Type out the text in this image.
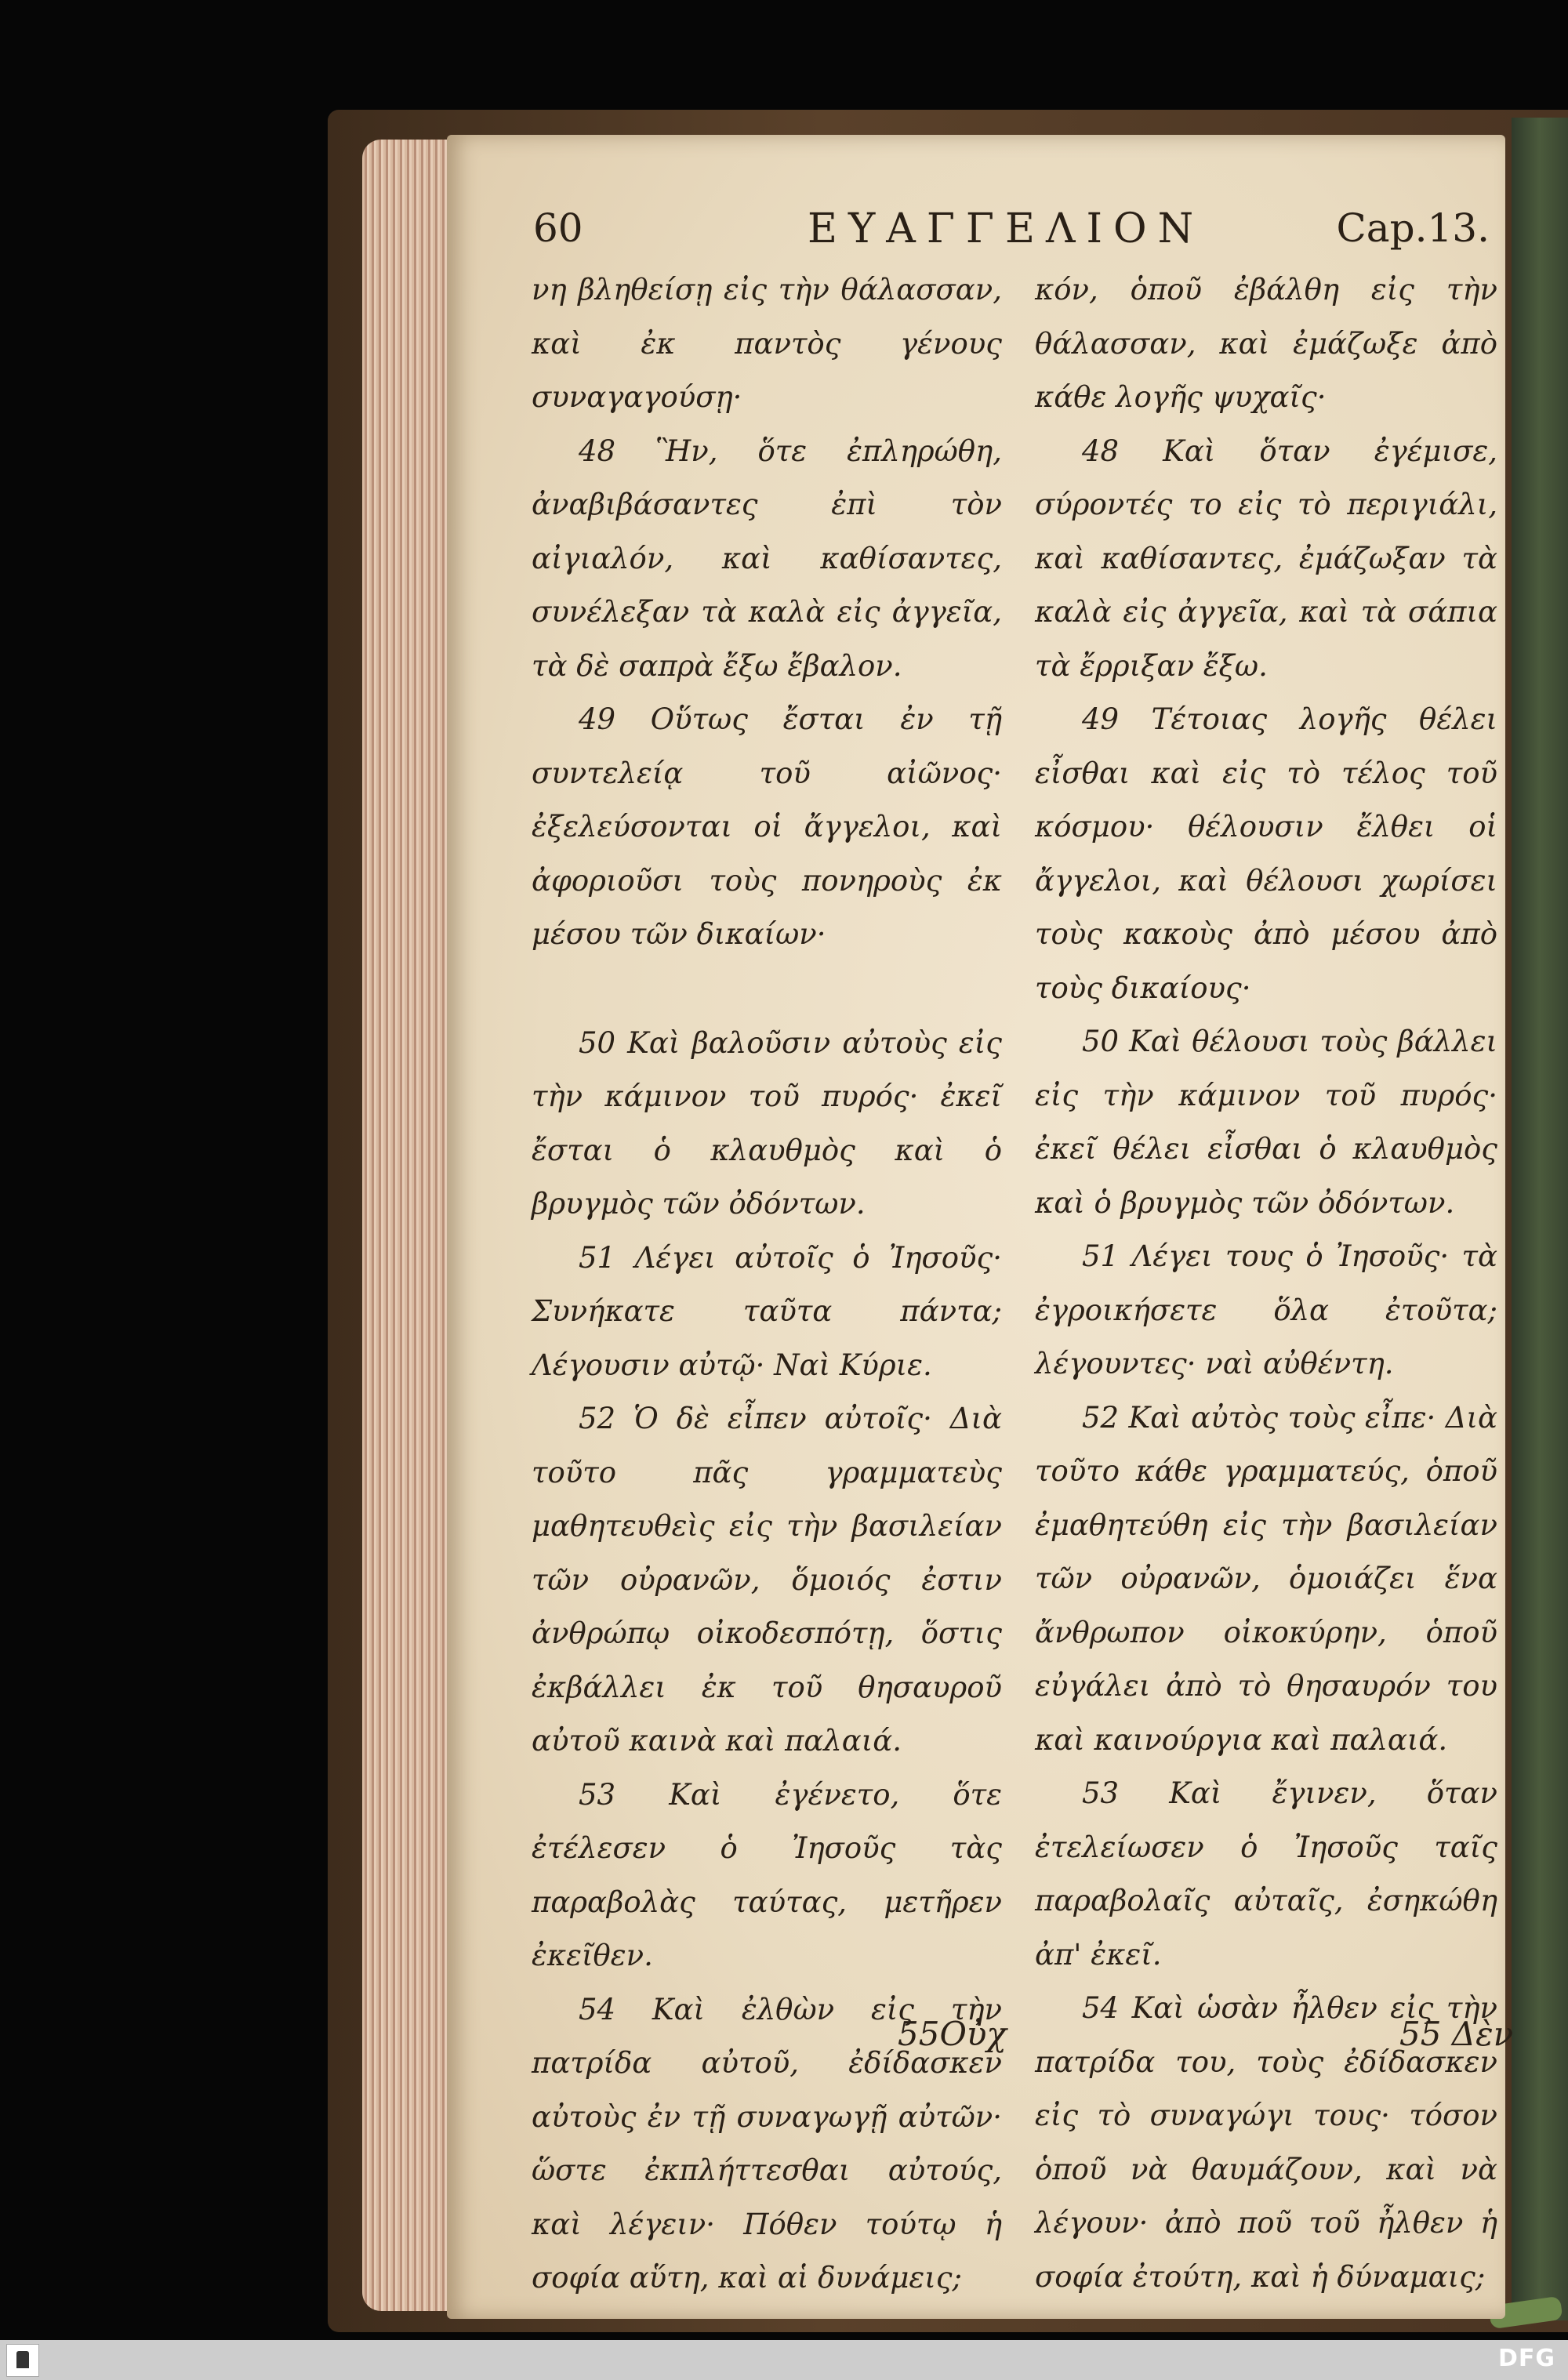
60	ΕΥΑΓΓΕΛΙΟΝ	Cap.13.

νη βληθείσῃ εἰς τὴν θάλασσαν, καὶ ἐκ παντὸς γένους συναγαγούσῃ·

48 Ἣν, ὅτε ἐπληρώθη, ἀναβιβάσαντες ἐπὶ τὸν αἰγιαλόν, καὶ καθίσαντες, συνέλεξαν τὰ καλὰ εἰς ἀγγεῖα, τὰ δὲ σαπρὰ ἔξω ἔβαλον.

49 Οὕτως ἔσται ἐν τῇ συντελείᾳ τοῦ αἰῶνος· ἐξελεύσονται οἱ ἄγγελοι, καὶ ἀφοριοῦσι τοὺς πονηροὺς ἐκ μέσου τῶν δικαίων·

50 Καὶ βαλοῦσιν αὐτοὺς εἰς τὴν κάμινον τοῦ πυρός· ἐκεῖ ἔσται ὁ κλαυθμὸς καὶ ὁ βρυγμὸς τῶν ὀδόντων.

51 Λέγει αὐτοῖς ὁ Ἰησοῦς· Συνήκατε ταῦτα πάντα; Λέγουσιν αὐτῷ· Ναὶ Κύριε.

52 Ὁ δὲ εἶπεν αὐτοῖς· Διὰ τοῦτο πᾶς γραμματεὺς μαθητευθεὶς εἰς τὴν βασιλείαν τῶν οὐρανῶν, ὅμοιός ἐστιν ἀνθρώπῳ οἰκοδεσπότῃ, ὅστις ἐκβάλλει ἐκ τοῦ θησαυροῦ αὐτοῦ καινὰ καὶ παλαιά.

53 Καὶ ἐγένετο, ὅτε ἐτέλεσεν ὁ Ἰησοῦς τὰς παραβολὰς ταύτας, μετῆρεν ἐκεῖθεν.

54 Καὶ ἐλθὼν εἰς τὴν πατρίδα αὐτοῦ, ἐδίδασκεν αὐτοὺς ἐν τῇ συναγωγῇ αὐτῶν· ὥστε ἐκπλήττεσθαι αὐτούς, καὶ λέγειν· Πόθεν τούτῳ ἡ σοφία αὕτη, καὶ αἱ δυνάμεις;

κόν, ὁποῦ ἐβάλθη εἰς τὴν θάλασσαν, καὶ ἐμάζωξε ἀπὸ κάθε λογῆς ψυχαῖς·

48 Καὶ ὅταν ἐγέμισε, σύροντές το εἰς τὸ περιγιάλι, καὶ καθίσαντες, ἐμάζωξαν τὰ καλὰ εἰς ἀγγεῖα, καὶ τὰ σάπια τὰ ἔρριξαν ἔξω.

49 Τέτοιας λογῆς θέλει εἶσθαι καὶ εἰς τὸ τέλος τοῦ κόσμου· θέλουσιν ἔλθει οἱ ἄγγελοι, καὶ θέλουσι χωρίσει τοὺς κακοὺς ἀπὸ μέσου ἀπὸ τοὺς δικαίους·

50 Καὶ θέλουσι τοὺς βάλλει εἰς τὴν κάμινον τοῦ πυρός· ἐκεῖ θέλει εἶσθαι ὁ κλαυθμὸς καὶ ὁ βρυγμὸς τῶν ὀδόντων.

51 Λέγει τους ὁ Ἰησοῦς· τὰ ἐγροικήσετε ὅλα ἐτοῦτα; λέγουντες· ναὶ αὐθέντη.

52 Καὶ αὐτὸς τοὺς εἶπε· Διὰ τοῦτο κάθε γραμματεύς, ὁποῦ ἐμαθητεύθη εἰς τὴν βασιλείαν τῶν οὐρανῶν, ὁμοιάζει ἕνα ἄνθρωπον οἰκοκύρην, ὁποῦ εὐγάλει ἀπὸ τὸ θησαυρόν του καὶ καινούργια καὶ παλαιά.

53 Καὶ ἔγινεν, ὅταν ἐτελείωσεν ὁ Ἰησοῦς ταῖς παραβολαῖς αὐταῖς, ἐσηκώθη ἀπ' ἐκεῖ.

54 Καὶ ὡσὰν ἦλθεν εἰς τὴν πατρίδα του, τοὺς ἐδίδασκεν εἰς τὸ συναγώγι τους· τόσον ὁποῦ νὰ θαυμάζουν, καὶ νὰ λέγουν· ἀπὸ ποῦ τοῦ ἦλθεν ἡ σοφία ἐτούτη, καὶ ἡ δύναμαις;

55Οὐχ	55 Δὲν
DFG
